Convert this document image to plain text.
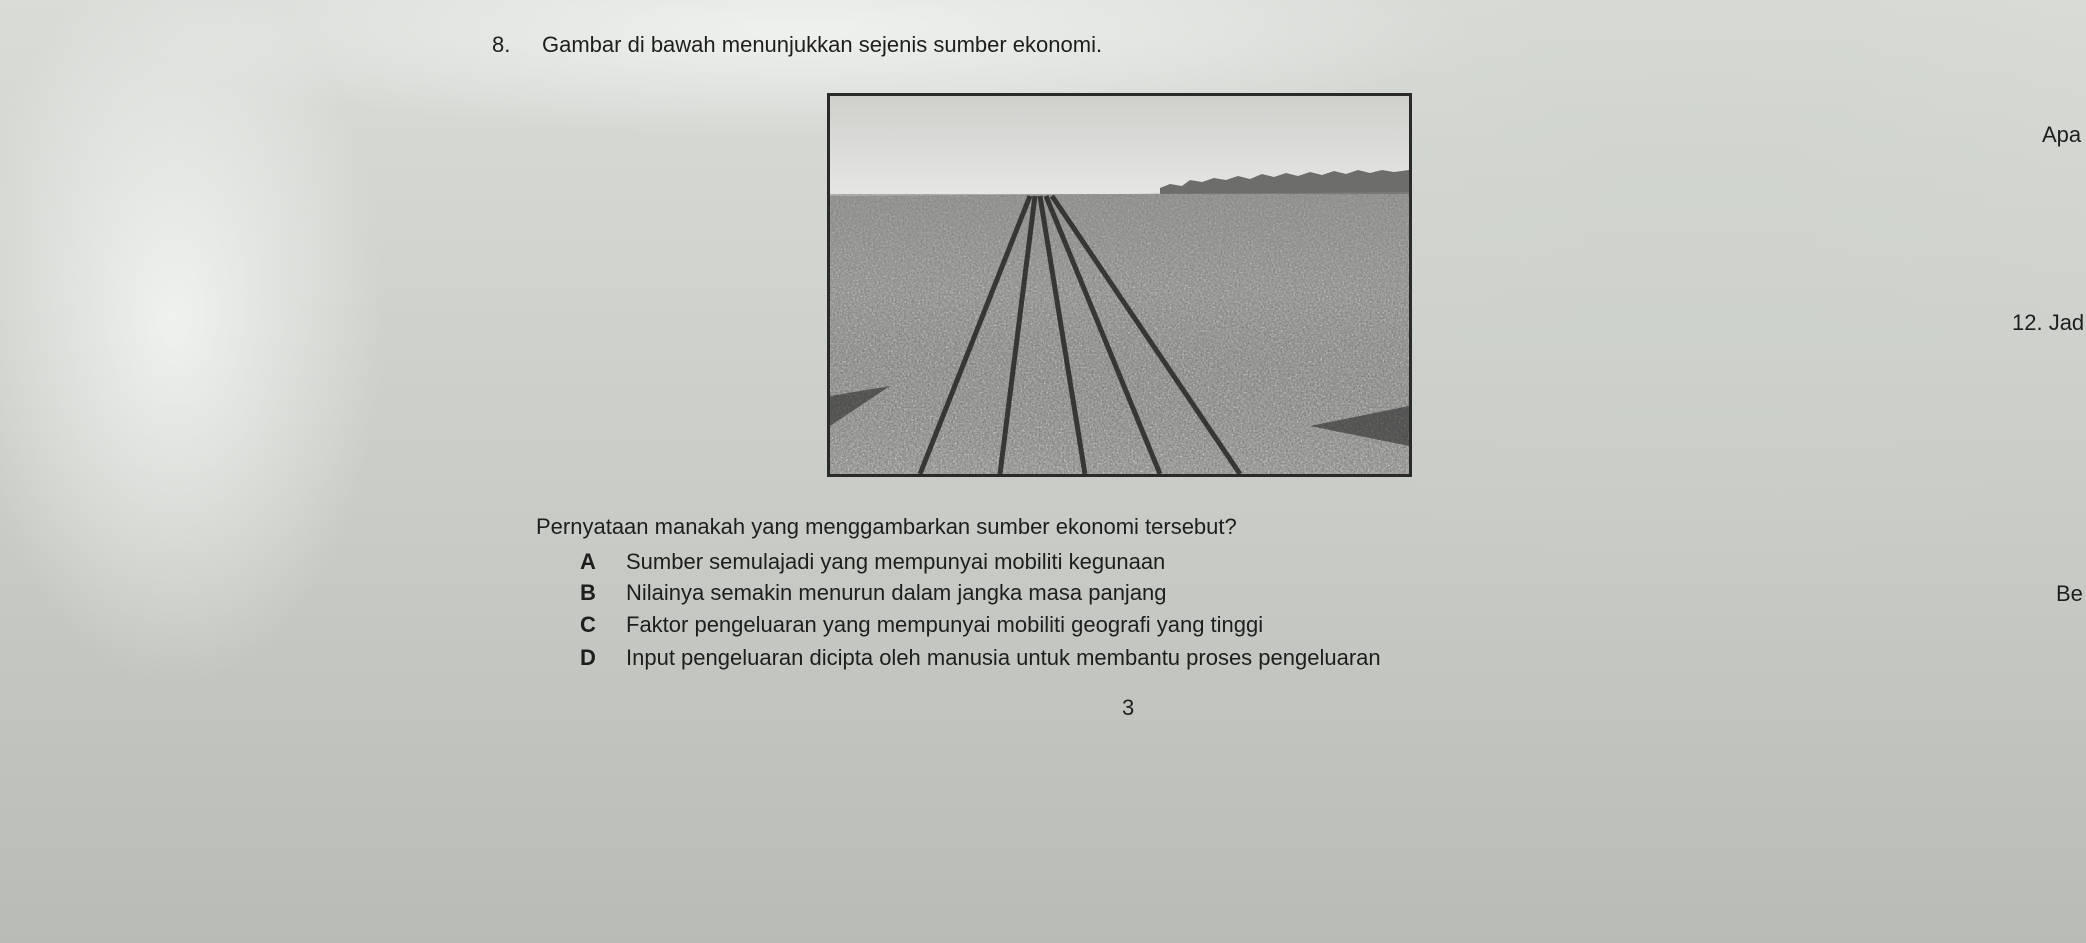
8. Gambar di bawah menunjukkan sejenis sumber ekonomi.
Pernyataan manakah yang menggambarkan sumber ekonomi tersebut?
A Sumber semulajadi yang mempunyai mobiliti kegunaan
B Nilainya semakin menurun dalam jangka masa panjang
C Faktor pengeluaran yang mempunyai mobiliti geografi yang tinggi
D Input pengeluaran dicipta oleh manusia untuk membantu proses pengeluaran
3
Apa
12. Jad
Be
